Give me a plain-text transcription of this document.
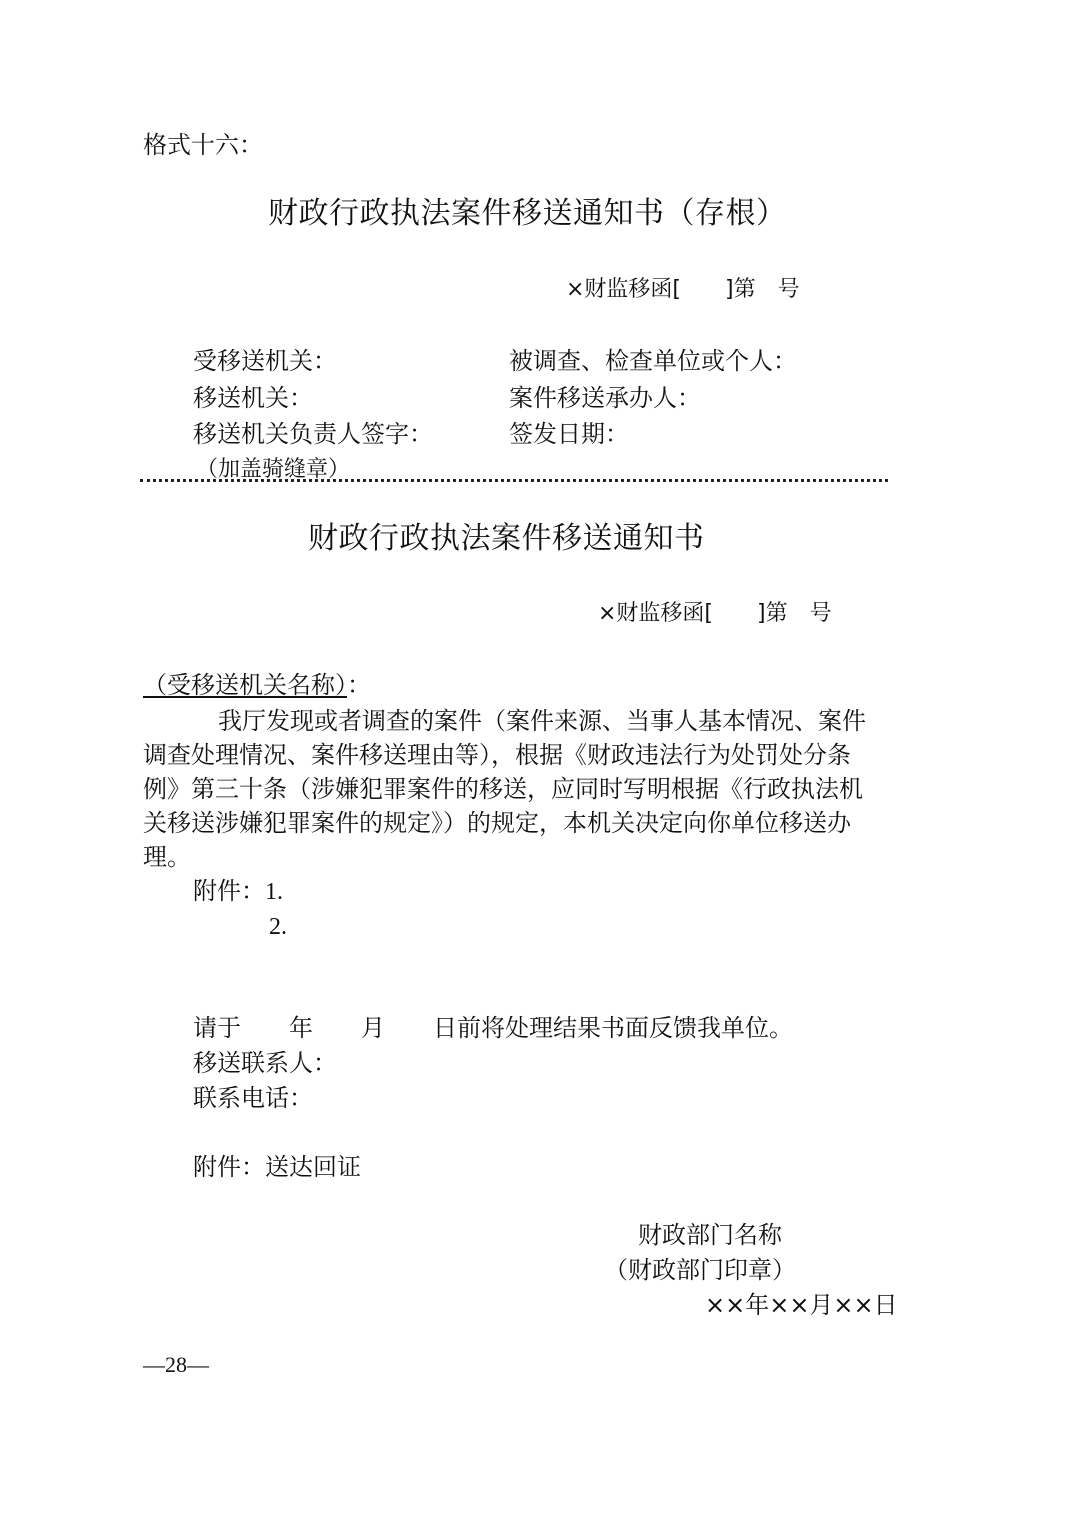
格式十六：
财政行政执法案件移送通知书（存根）
×财监移函[　　]第　号
受移送机关：	被调查、检查单位或个人：
移送机关：	案件移送承办人：
移送机关负责人签字：	签发日期：
（加盖骑缝章）
财政行政执法案件移送通知书
×财监移函[　　]第　号
（受移送机关名称）：
我厅发现或者调查的案件（案件来源、当事人基本情况、案件
调查处理情况、案件移送理由等），根据《财政违法行为处罚处分条
例》第三十条（涉嫌犯罪案件的移送，应同时写明根据《行政执法机
关移送涉嫌犯罪案件的规定》）的规定，本机关决定向你单位移送办
理。
附件：1.
2.
请于　　年　　月　　日前将处理结果书面反馈我单位。
移送联系人：
联系电话：
附件：送达回证
财政部门名称
（财政部门印章）
××年××月××日
—28—
